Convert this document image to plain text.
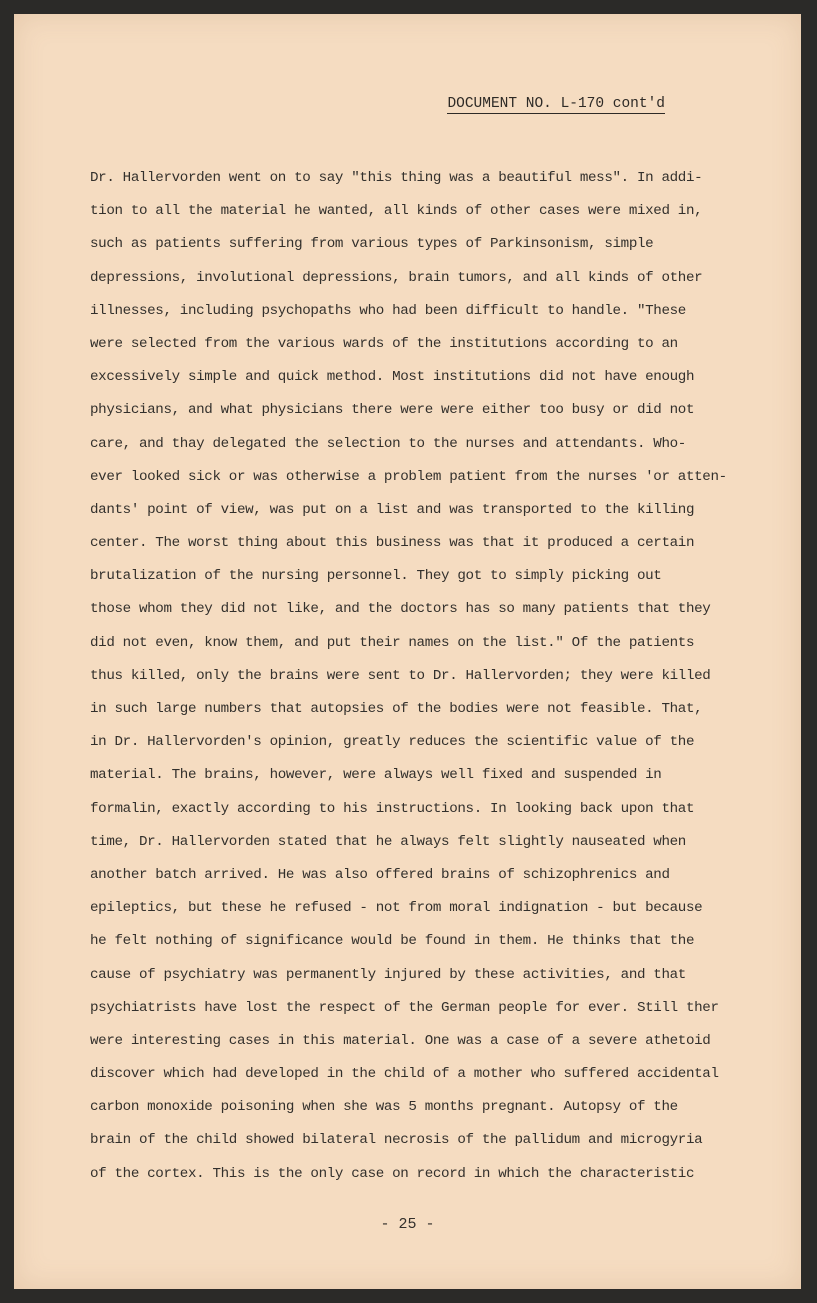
DOCUMENT NO. L-170 cont'd
Dr. Hallervorden went on to say "this thing was a beautiful mess". In addi-
tion to all the material he wanted, all kinds of other cases were mixed in,
such as patients suffering from various types of Parkinsonism, simple
depressions, involutional depressions, brain tumors, and all kinds of other
illnesses, including psychopaths who had been difficult to handle. "These
were selected from the various wards of the institutions according to an
excessively simple and quick method. Most institutions did not have enough
physicians, and what physicians there were were either too busy or did not
care, and thay delegated the selection to the nurses and attendants. Who-
ever looked sick or was otherwise a problem patient from the nurses 'or atten-
dants' point of view, was put on a list and was transported to the killing
center. The worst thing about this business was that it produced a certain
brutalization of the nursing personnel. They got to simply picking out
those whom they did not like, and the doctors has so many patients that they
did not even, know them, and put their names on the list." Of the patients
thus killed, only the brains were sent to Dr. Hallervorden; they were killed
in such large numbers that autopsies of the bodies were not feasible. That,
in Dr. Hallervorden's opinion, greatly reduces the scientific value of the
material. The brains, however, were always well fixed and suspended in
formalin, exactly according to his instructions. In looking back upon that
time, Dr. Hallervorden stated that he always felt slightly nauseated when
another batch arrived. He was also offered brains of schizophrenics and
epileptics, but these he refused - not from moral indignation - but because
he felt nothing of significance would be found in them. He thinks that the
cause of psychiatry was permanently injured by these activities, and that
psychiatrists have lost the respect of the German people for ever. Still ther
were interesting cases in this material. One was a case of a severe athetoid
discover which had developed in the child of a mother who suffered accidental
carbon monoxide poisoning when she was 5 months pregnant. Autopsy of the
brain of the child showed bilateral necrosis of the pallidum and microgyria
of the cortex. This is the only case on record in which the characteristic
- 25 -
